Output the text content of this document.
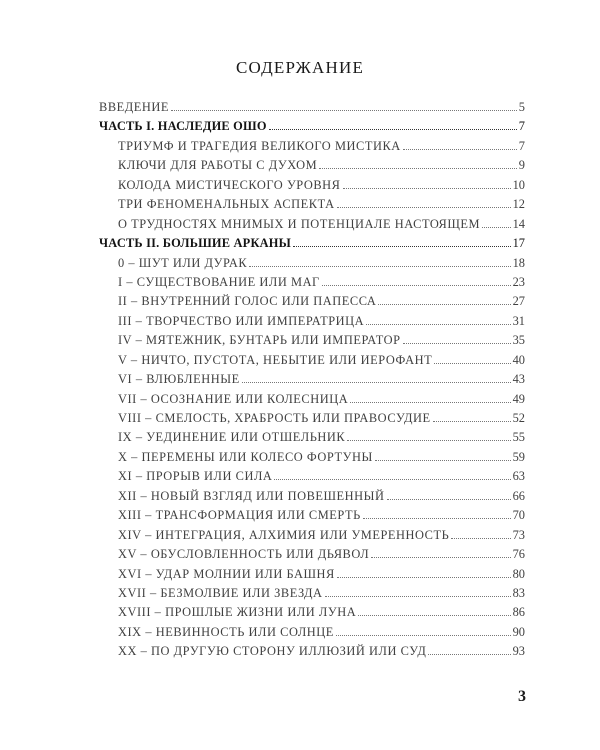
СОДЕРЖАНИЕ
ВВЕДЕНИЕ	5
ЧАСТЬ I. НАСЛЕДИЕ ОШО	7
ТРИУМФ И ТРАГЕДИЯ ВЕЛИКОГО МИСТИКА	7
КЛЮЧИ ДЛЯ РАБОТЫ С ДУХОМ	9
КОЛОДА МИСТИЧЕСКОГО УРОВНЯ	10
ТРИ ФЕНОМЕНАЛЬНЫХ АСПЕКТА	12
О ТРУДНОСТЯХ МНИМЫХ И ПОТЕНЦИАЛЕ НАСТОЯЩЕМ	14
ЧАСТЬ II. БОЛЬШИЕ АРКАНЫ	17
0 – ШУТ ИЛИ ДУРАК	18
I – СУЩЕСТВОВАНИЕ ИЛИ МАГ	23
II – ВНУТРЕННИЙ ГОЛОС ИЛИ ПАПЕССА	27
III – ТВОРЧЕСТВО ИЛИ ИМПЕРАТРИЦА	31
IV – МЯТЕЖНИК, БУНТАРЬ ИЛИ ИМПЕРАТОР	35
V – НИЧТО, ПУСТОТА, НЕБЫТИЕ ИЛИ ИЕРОФАНТ	40
VI – ВЛЮБЛЕННЫЕ	43
VII – ОСОЗНАНИЕ ИЛИ КОЛЕСНИЦА	49
VIII – СМЕЛОСТЬ, ХРАБРОСТЬ ИЛИ ПРАВОСУДИЕ	52
IX – УЕДИНЕНИЕ ИЛИ ОТШЕЛЬНИК	55
X – ПЕРЕМЕНЫ ИЛИ КОЛЕСО ФОРТУНЫ	59
XI – ПРОРЫВ ИЛИ СИЛА	63
XII – НОВЫЙ ВЗГЛЯД ИЛИ ПОВЕШЕННЫЙ	66
XIII – ТРАНСФОРМАЦИЯ ИЛИ СМЕРТЬ	70
XIV – ИНТЕГРАЦИЯ, АЛХИМИЯ ИЛИ УМЕРЕННОСТЬ	73
XV – ОБУСЛОВЛЕННОСТЬ ИЛИ ДЬЯВОЛ	76
XVI – УДАР МОЛНИИ ИЛИ БАШНЯ	80
XVII – БЕЗМОЛВИЕ ИЛИ ЗВЕЗДА	83
XVIII – ПРОШЛЫЕ ЖИЗНИ ИЛИ ЛУНА	86
XIX – НЕВИННОСТЬ ИЛИ СОЛНЦЕ	90
XX – ПО ДРУГУЮ СТОРОНУ ИЛЛЮЗИЙ ИЛИ СУД	93
3
